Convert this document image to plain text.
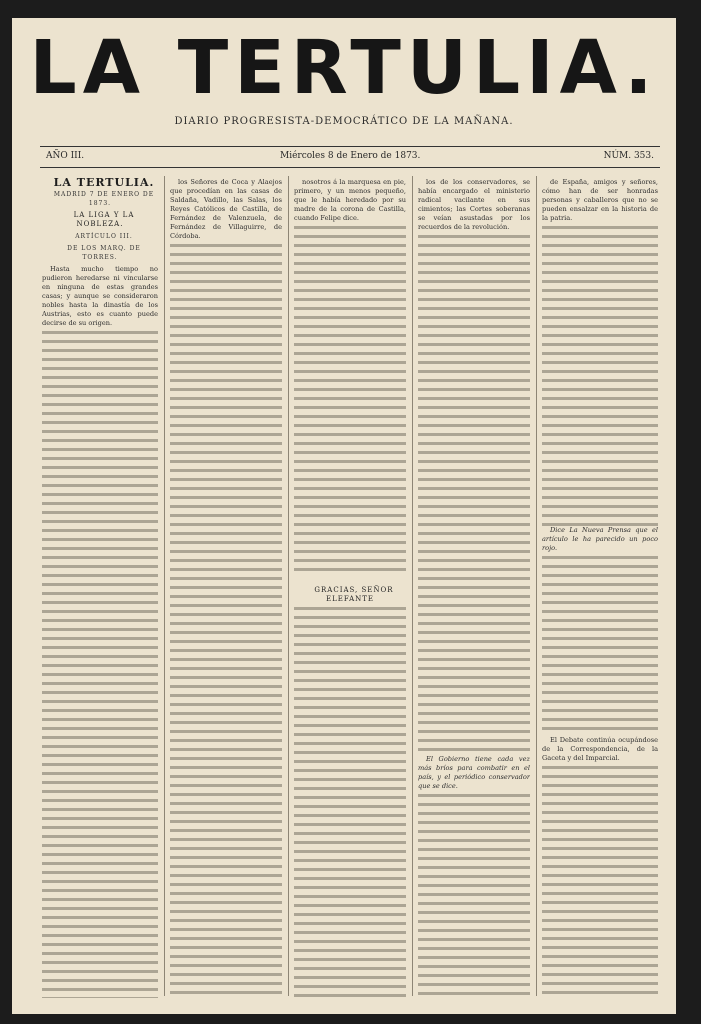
LA TERTULIA.
DIARIO PROGRESISTA-DEMOCRÁTICO DE LA MAÑANA.
AÑO III.	Miércoles 8 de Enero de 1873.	NÚM. 353.

LA TERTULIA.

MADRID 7 DE ENERO DE 1873.

LA LIGA Y LA NOBLEZA.

ARTÍCULO III.

DE LOS MARQ. DE TORRES.

Hasta mucho tiempo no pudieron heredarse ni vincularse en ninguna de estas grandes casas; y aunque se consideraron nobles hasta la dinastía de los Austrias, esto es cuanto puede decirse de su origen.

los Señores de Coca y Alaejos que procedían en las casas de Saldaña, Vadillo, las Salas, los Reyes Católicos de Castilla, de Fernández de Valenzuela, de Fernández de Villaguirre, de Córdoba.

nosotros á la marquesa en pie, primero, y un menos pequeño, que le había heredado por su madre de la corona de Castilla, cuando Felipe dice.

GRACIAS, SEÑOR ELEFANTE

los de los conservadores, se había encargado el ministerio radical vacilante en sus cimientos; las Cortes soberanas se veían asustadas por los recuerdos de la revolución.

El Gobierno tiene cada vez más bríos para combatir en el país, y el periódico conservador que se dice.

de España, amigos y señores, cómo han de ser honradas personas y caballeros que no se pueden ensalzar en la historia de la patria.

Dice La Nueva Prensa que el artículo le ha parecido un poco rojo.

El Debate continúa ocupándose de la Correspondencia, de la Gaceta y del Imparcial.
